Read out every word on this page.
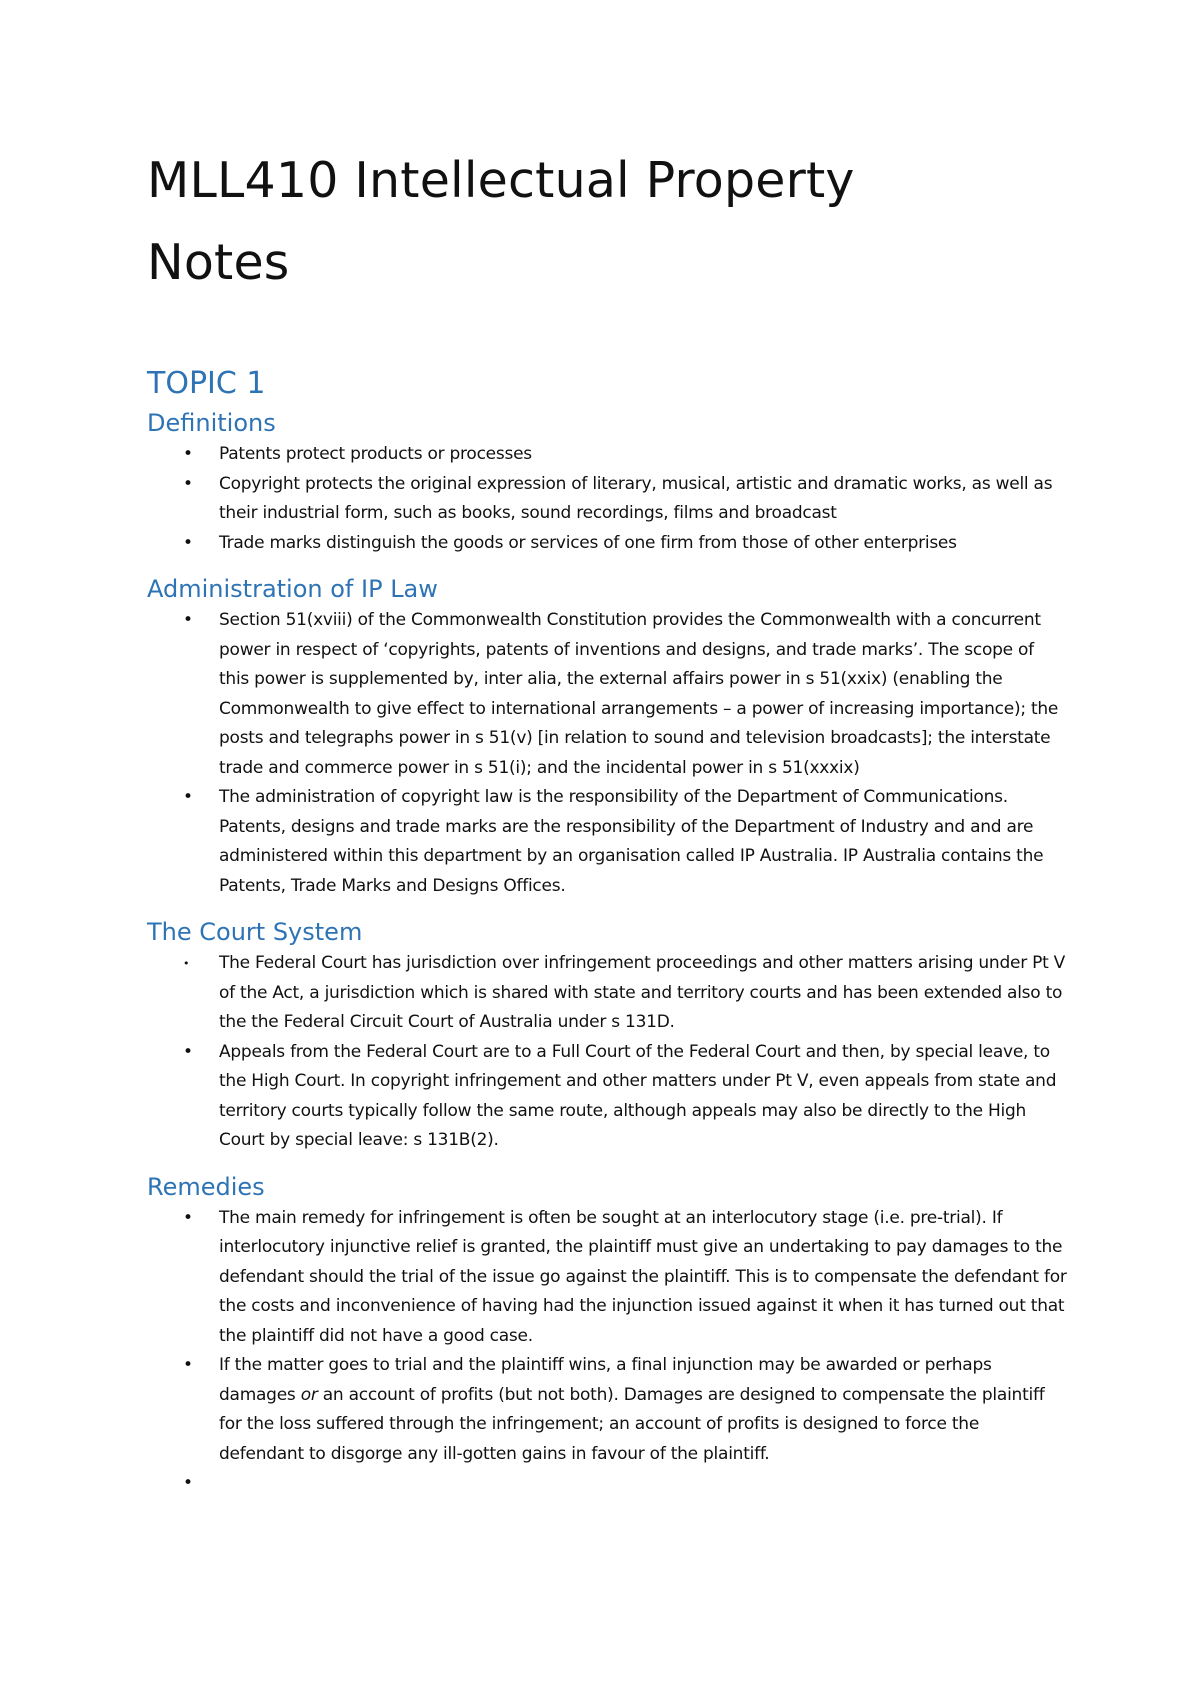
MLL410 Intellectual Property
Notes
TOPIC 1
Definitions
• Patents protect products or processes
• Copyright protects the original expression of literary, musical, artistic and dramatic works, as well as their industrial form, such as books, sound recordings, films and broadcast
• Trade marks distinguish the goods or services of one firm from those of other enterprises
Administration of IP Law
• Section 51(xviii) of the Commonwealth Constitution provides the Commonwealth with a concurrent power in respect of ‘copyrights, patents of inventions and designs, and trade marks’. The scope of this power is supplemented by, inter alia, the external affairs power in s 51(xxix) (enabling the Commonwealth to give effect to international arrangements – a power of increasing importance); the posts and telegraphs power in s 51(v) [in relation to sound and television broadcasts]; the interstate trade and commerce power in s 51(i); and the incidental power in s 51(xxxix)
• The administration of copyright law is the responsibility of the Department of Communications. Patents, designs and trade marks are the responsibility of the Department of Industry and and are administered within this department by an organisation called IP Australia. IP Australia contains the Patents, Trade Marks and Designs Offices.
The Court System
•	The Federal Court has jurisdiction over infringement proceedings and other matters arising under Pt V of the Act, a jurisdiction which is shared with state and territory courts and has been extended also to the the Federal Circuit Court of Australia under s 131D.
• Appeals from the Federal Court are to a Full Court of the Federal Court and then, by special leave, to the High Court. In copyright infringement and other matters under Pt V, even appeals from state and territory courts typically follow the same route, although appeals may also be directly to the High Court by special leave: s 131B(2).
Remedies
• The main remedy for infringement is often be sought at an interlocutory stage (i.e. pre-trial). If interlocutory injunctive relief is granted, the plaintiff must give an undertaking to pay damages to the defendant should the trial of the issue go against the plaintiff. This is to compensate the defendant for the costs and inconvenience of having had the injunction issued against it when it has turned out that the plaintiff did not have a good case.
• If the matter goes to trial and the plaintiff wins, a final injunction may be awarded or perhaps damages or an account of profits (but not both). Damages are designed to compensate the plaintiff for the loss suffered through the infringement; an account of profits is designed to force the defendant to disgorge any ill-gotten gains in favour of the plaintiff.
•
